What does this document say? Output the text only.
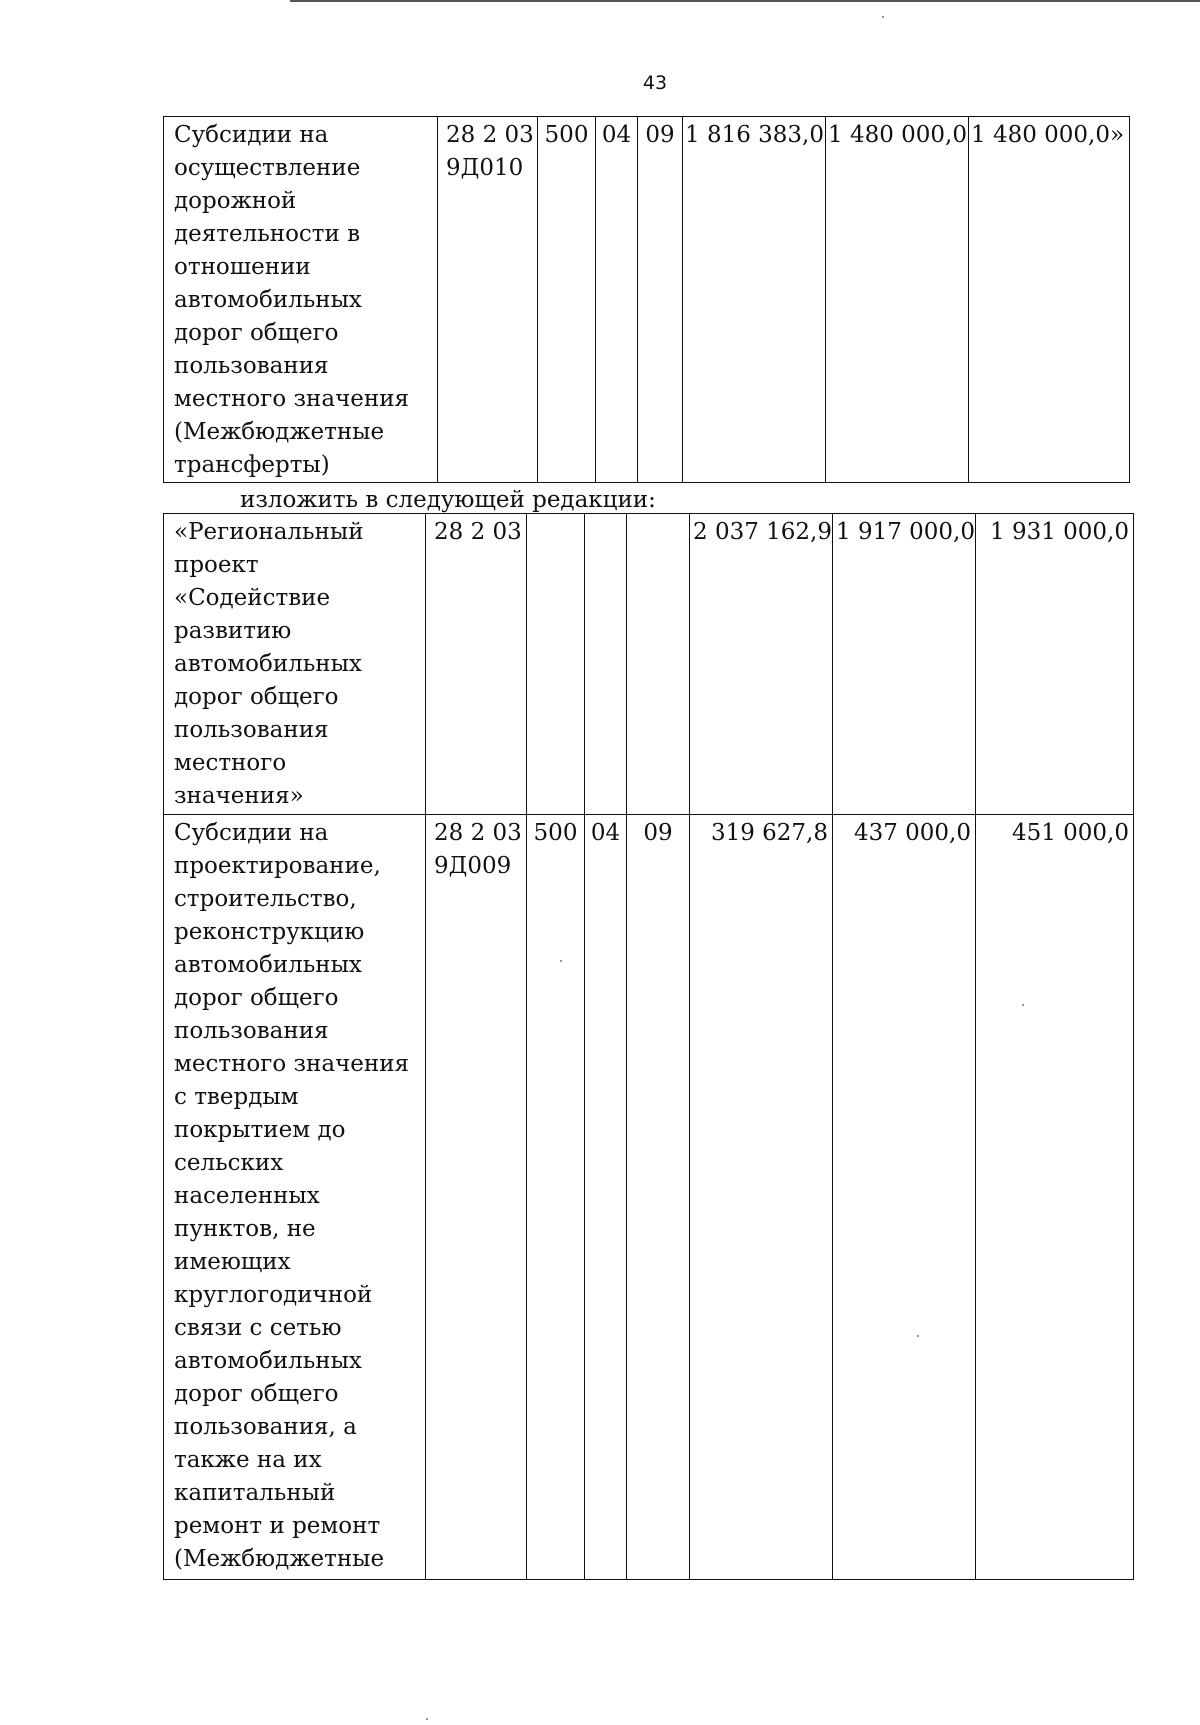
43
Субсидии на осуществление дорожной деятельности в отношении автомобильных дорог общего пользования местного значения (Межбюджетные трансферты)	28 2 03 9Д010	500	04	09	1 816 383,0	1 480 000,0	1 480 000,0»
изложить в следующей редакции:
«Региональный проект «Содействие развитию автомобильных дорог общего пользования местного значения»	28 2 03				2 037 162,9	1 917 000,0	1 931 000,0
Субсидии на проектирование, строительство, реконструкцию автомобильных дорог общего пользования местного значения с твердым покрытием до сельских населенных пунктов, не имеющих круглогодичной связи с сетью автомобильных дорог общего пользования, а также на их капитальный ремонт и ремонт (Межбюджетные	28 2 03 9Д009	500	04	09	319 627,8	437 000,0	451 000,0
